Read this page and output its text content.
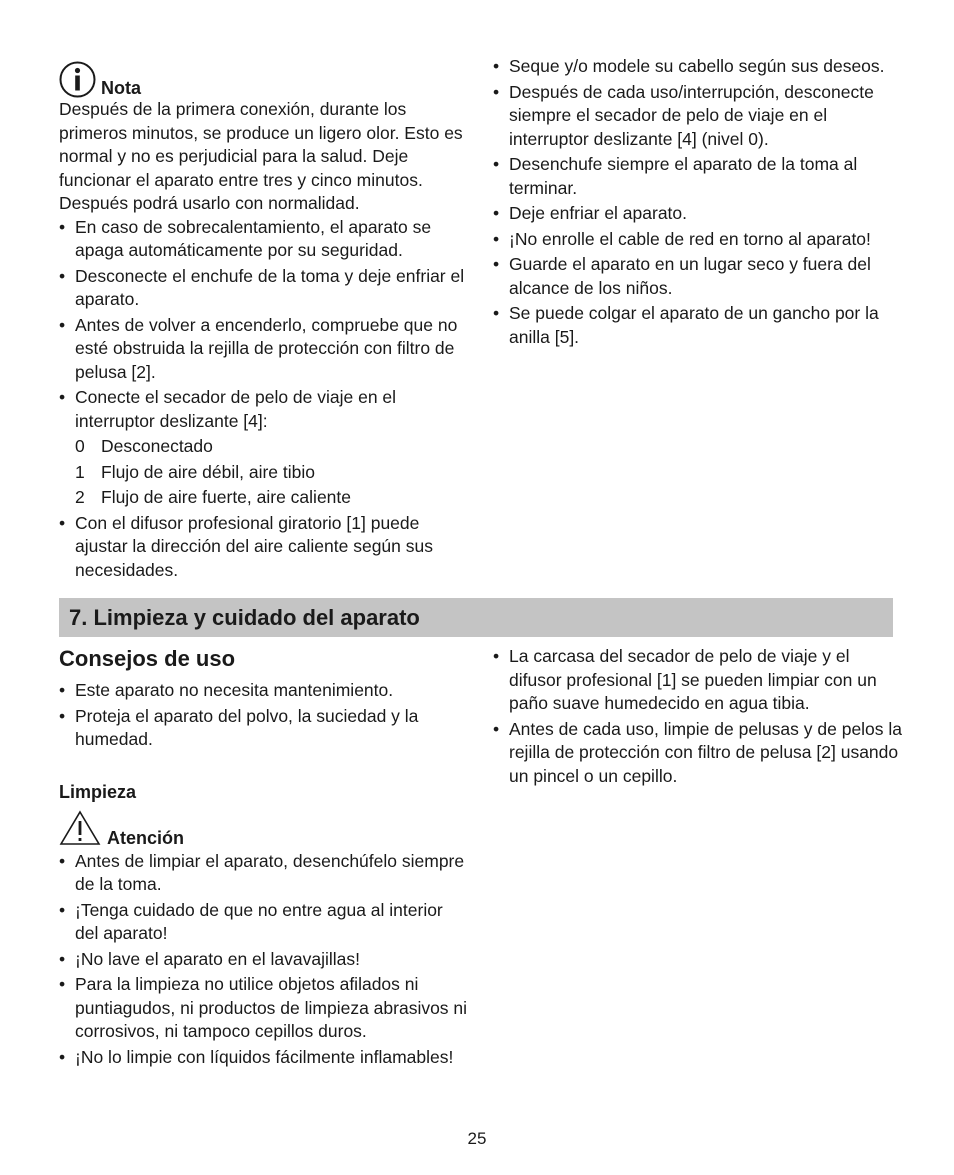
Nota

Después de la primera conexión, durante los primeros minutos, se produce un ligero olor. Esto es normal y no es perjudicial para la salud. Deje funcionar el aparato entre tres y cinco minutos. Después podrá usarlo con normalidad.

• En caso de sobrecalentamiento, el aparato se apaga automáticamente por su seguridad.
• Desconecte el enchufe de la toma y deje enfriar el aparato.
• Antes de volver a encenderlo, compruebe que no esté obstruida la rejilla de protección con filtro de pelusa [2].
• Conecte el secador de pelo de viaje en el interruptor deslizante [4]:
0 Desconectado
1 Flujo de aire débil, aire tibio
2 Flujo de aire fuerte, aire caliente
• Con el difusor profesional giratorio [1] puede ajustar la dirección del aire caliente según sus necesidades.
• Seque y/o modele su cabello según sus deseos.
• Después de cada uso/interrupción, desconecte siempre el secador de pelo de viaje en el interruptor deslizante [4] (nivel 0).
• Desenchufe siempre el aparato de la toma al terminar.
• Deje enfriar el aparato.
• ¡No enrolle el cable de red en torno al aparato!
• Guarde el aparato en un lugar seco y fuera del alcance de los niños.
• Se puede colgar el aparato de un gancho por la anilla [5].
7. Limpieza y cuidado del aparato
Consejos de uso
• Este aparato no necesita mantenimiento.
• Proteja el aparato del polvo, la suciedad y la humedad.
Limpieza
Atención
• Antes de limpiar el aparato, desenchúfelo siempre de la toma.
• ¡Tenga cuidado de que no entre agua al interior del aparato!
• ¡No lave el aparato en el lavavajillas!
• Para la limpieza no utilice objetos afilados ni puntiagudos, ni productos de limpieza abrasivos ni corrosivos, ni tampoco cepillos duros.
• ¡No lo limpie con líquidos fácilmente inflamables!
• La carcasa del secador de pelo de viaje y el difusor profesional [1] se pueden limpiar con un paño suave humedecido en agua tibia.
• Antes de cada uso, limpie de pelusas y de pelos la rejilla de protección con filtro de pelusa [2] usando un pincel o un cepillo.
25
